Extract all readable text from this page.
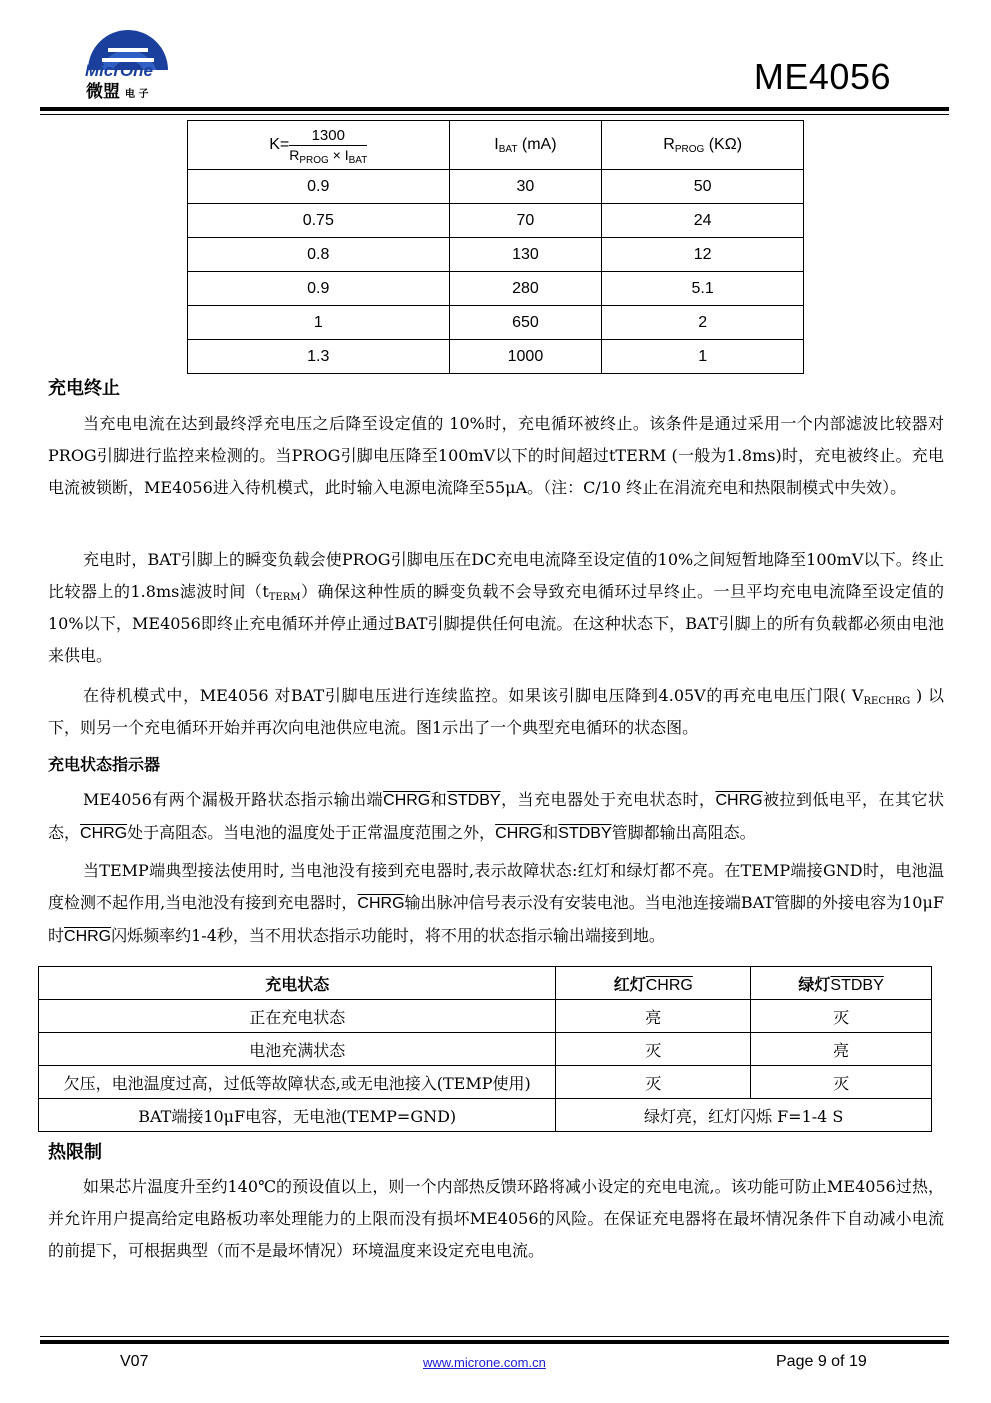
MicrOne
微盟 电 子	ME4056
$K= \frac{1300}{R_{PROG} \times I_{BAT}}$	$I_{BAT}$ (mA)	$R_{PROG}$ (KΩ)
0.9	30	50
0.75	70	24
0.8	130	12
0.9	280	5.1
1	650	2
1.3	1000	1
充电终止

当充电电流在达到最终浮充电压之后降至设定值的 10%时，充电循环被终止。该条件是通过采用一个内部滤波比较器对PROG引脚进行监控来检测的。当PROG引脚电压降至100mV以下的时间超过tTERM (一般为1.8ms)时，充电被终止。充电电流被锁断，ME4056进入待机模式，此时输入电源电流降至55μA。（注：C/10 终止在涓流充电和热限制模式中失效）。

充电时，BAT引脚上的瞬变负载会使PROG引脚电压在DC充电电流降至设定值的10%之间短暂地降至100mV以下。终止比较器上的1.8ms滤波时间$(t_{TERM})$确保这种性质的瞬变负载不会导致充电循环过早终止。一旦平均充电电流降至设定值的10%以下，ME4056即终止充电循环并停止通过BAT引脚提供任何电流。在这种状态下，BAT引脚上的所有负载都必须由电池来供电。

在待机模式中，ME4056 对BAT引脚电压进行连续监控。如果该引脚电压降到4.05V的再充电电压门限( $V_{RECHRG}$ ) 以下，则另一个充电循环开始并再次向电池供应电流。图1示出了一个典型充电循环的状态图。

充电状态指示器

ME4056有两个漏极开路状态指示输出端CHRG和STDBY，当充电器处于充电状态时，CHRG被拉到低电平，在其它状态，CHRG处于高阻态。当电池的温度处于正常温度范围之外，CHRG和STDBY管脚都输出高阻态。

当TEMP端典型接法使用时, 当电池没有接到充电器时,表示故障状态:红灯和绿灯都不亮。在TEMP端接GND时，电池温度检测不起作用,当电池没有接到充电器时，CHRG输出脉冲信号表示没有安装电池。当电池连接端BAT管脚的外接电容为10μF时CHRG闪烁频率约1-4秒，当不用状态指示功能时，将不用的状态指示输出端接到地。

充电状态	红灯CHRG	绿灯STDBY
正在充电状态	亮	灭
电池充满状态	灭	亮
欠压，电池温度过高，过低等故障状态,或无电池接入(TEMP使用)	灭	灭
BAT端接10μF电容，无电池(TEMP=GND)	绿灯亮，红灯闪烁 F=1-4 S	
热限制

如果芯片温度升至约140℃的预设值以上，则一个内部热反馈环路将减小设定的充电电流,。该功能可防止ME4056过热，并允许用户提高给定电路板功率处理能力的上限而没有损坏ME4056的风险。在保证充电器将在最坏情况条件下自动减小电流的前提下，可根据典型（而不是最坏情况）环境温度来设定充电电流。

V07	www.microne.com.cn	Page 9 of 19
